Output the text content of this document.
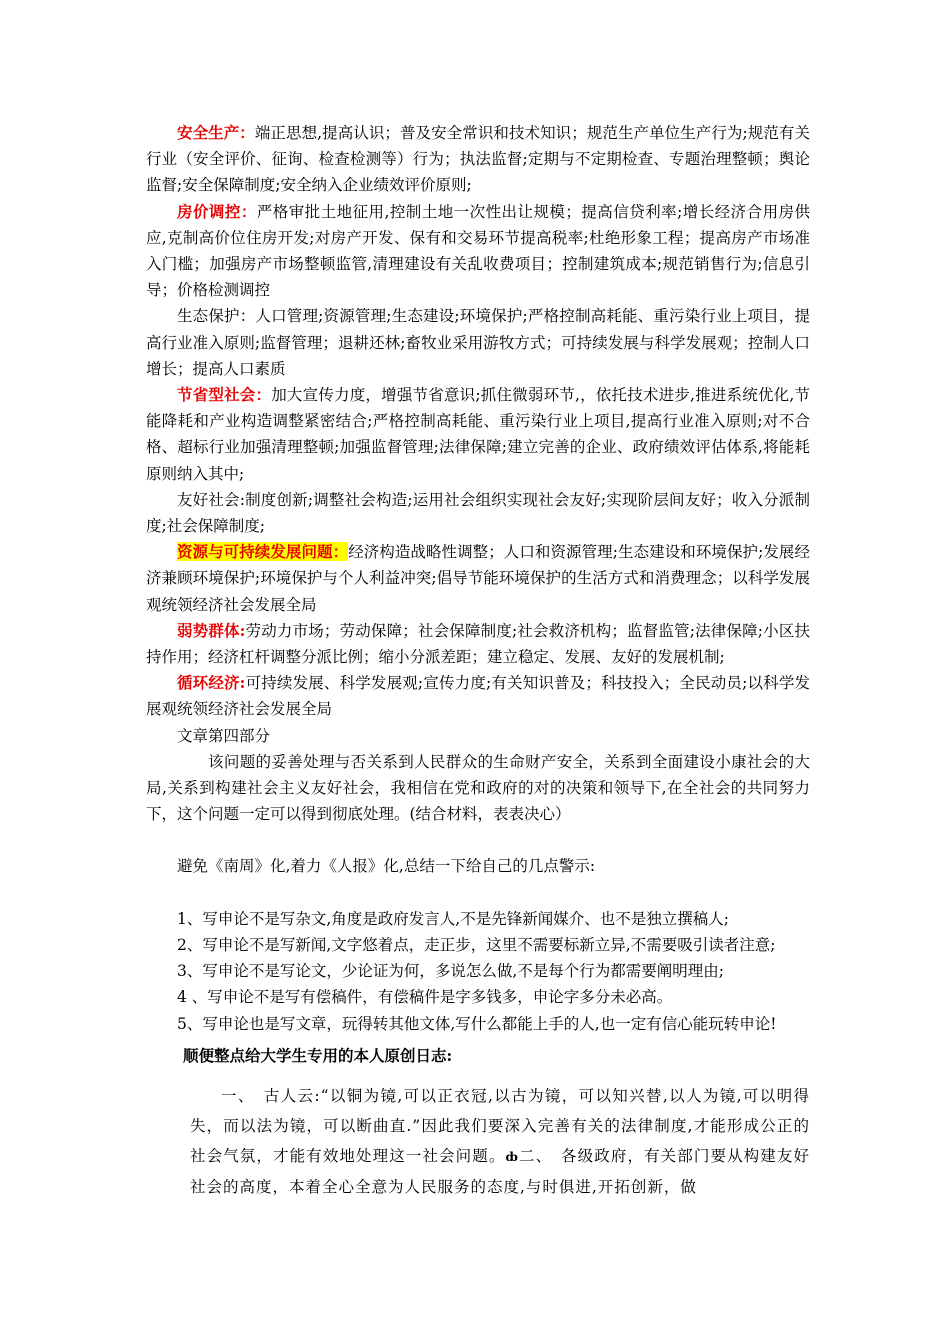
安全生产：端正思想,提高认识；普及安全常识和技术知识；规范生产单位生产行为;规范有关行业（安全评价、征询、检查检测等）行为；执法监督;定期与不定期检查、专题治理整顿；舆论监督;安全保障制度;安全纳入企业绩效评价原则;

房价调控：严格审批土地征用,控制土地一次性出让规模；提高信贷利率;增长经济合用房供应,克制高价位住房开发;对房产开发、保有和交易环节提高税率;杜绝形象工程；提高房产市场准入门槛；加强房产市场整顿监管,清理建设有关乱收费项目；控制建筑成本;规范销售行为;信息引导；价格检测调控

生态保护：人口管理;资源管理;生态建设;环境保护;严格控制高耗能、重污染行业上项目，提高行业准入原则;监督管理；退耕还林;畜牧业采用游牧方式；可持续发展与科学发展观；控制人口增长；提高人口素质

节省型社会：加大宣传力度，增强节省意识;抓住微弱环节,，依托技术进步,推进系统优化,节能降耗和产业构造调整紧密结合;严格控制高耗能、重污染行业上项目,提高行业准入原则;对不合格、超标行业加强清理整顿;加强监督管理;法律保障;建立完善的企业、政府绩效评估体系,将能耗原则纳入其中;

友好社会:制度创新;调整社会构造;运用社会组织实现社会友好;实现阶层间友好；收入分派制度;社会保障制度;

资源与可持续发展问题：经济构造战略性调整；人口和资源管理;生态建设和环境保护;发展经济兼顾环境保护;环境保护与个人利益冲突;倡导节能环境保护的生活方式和消费理念；以科学发展观统领经济社会发展全局

弱势群体:劳动力市场；劳动保障；社会保障制度;社会救济机构；监督监管;法律保障;小区扶持作用；经济杠杆调整分派比例；缩小分派差距；建立稳定、发展、友好的发展机制;

循环经济:可持续发展、科学发展观;宣传力度;有关知识普及；科技投入；全民动员;以科学发展观统领经济社会发展全局

文章第四部分

该问题的妥善处理与否关系到人民群众的生命财产安全，关系到全面建设小康社会的大局,关系到构建社会主义友好社会，我相信在党和政府的对的决策和领导下,在全社会的共同努力下，这个问题一定可以得到彻底处理。(结合材料，表表决心）

避免《南周》化,着力《人报》化,总结一下给自己的几点警示:

1、写申论不是写杂文,角度是政府发言人,不是先锋新闻媒介、也不是独立撰稿人;

2、写申论不是写新闻,文字悠着点，走正步，这里不需要标新立异,不需要吸引读者注意;

3、写申论不是写论文，少论证为何，多说怎么做,不是每个行为都需要阐明理由;

4 、写申论不是写有偿稿件，有偿稿件是字多钱多，申论字多分未必高。

5、写申论也是写文章，玩得转其他文体,写什么都能上手的人,也一定有信心能玩转申论!

顺便整点给大学生专用的本人原创日志:

一、　古人云:“以铜为镜,可以正衣冠,以古为镜，可以知兴替,以人为镜,可以明得失，而以法为镜，可以断曲直.”因此我们要深入完善有关的法律制度,才能形成公正的社会气氛，才能有效地处理这一社会问题。ȸ二、　各级政府，有关部门要从构建友好社会的高度，本着全心全意为人民服务的态度,与时俱进,开拓创新，做
